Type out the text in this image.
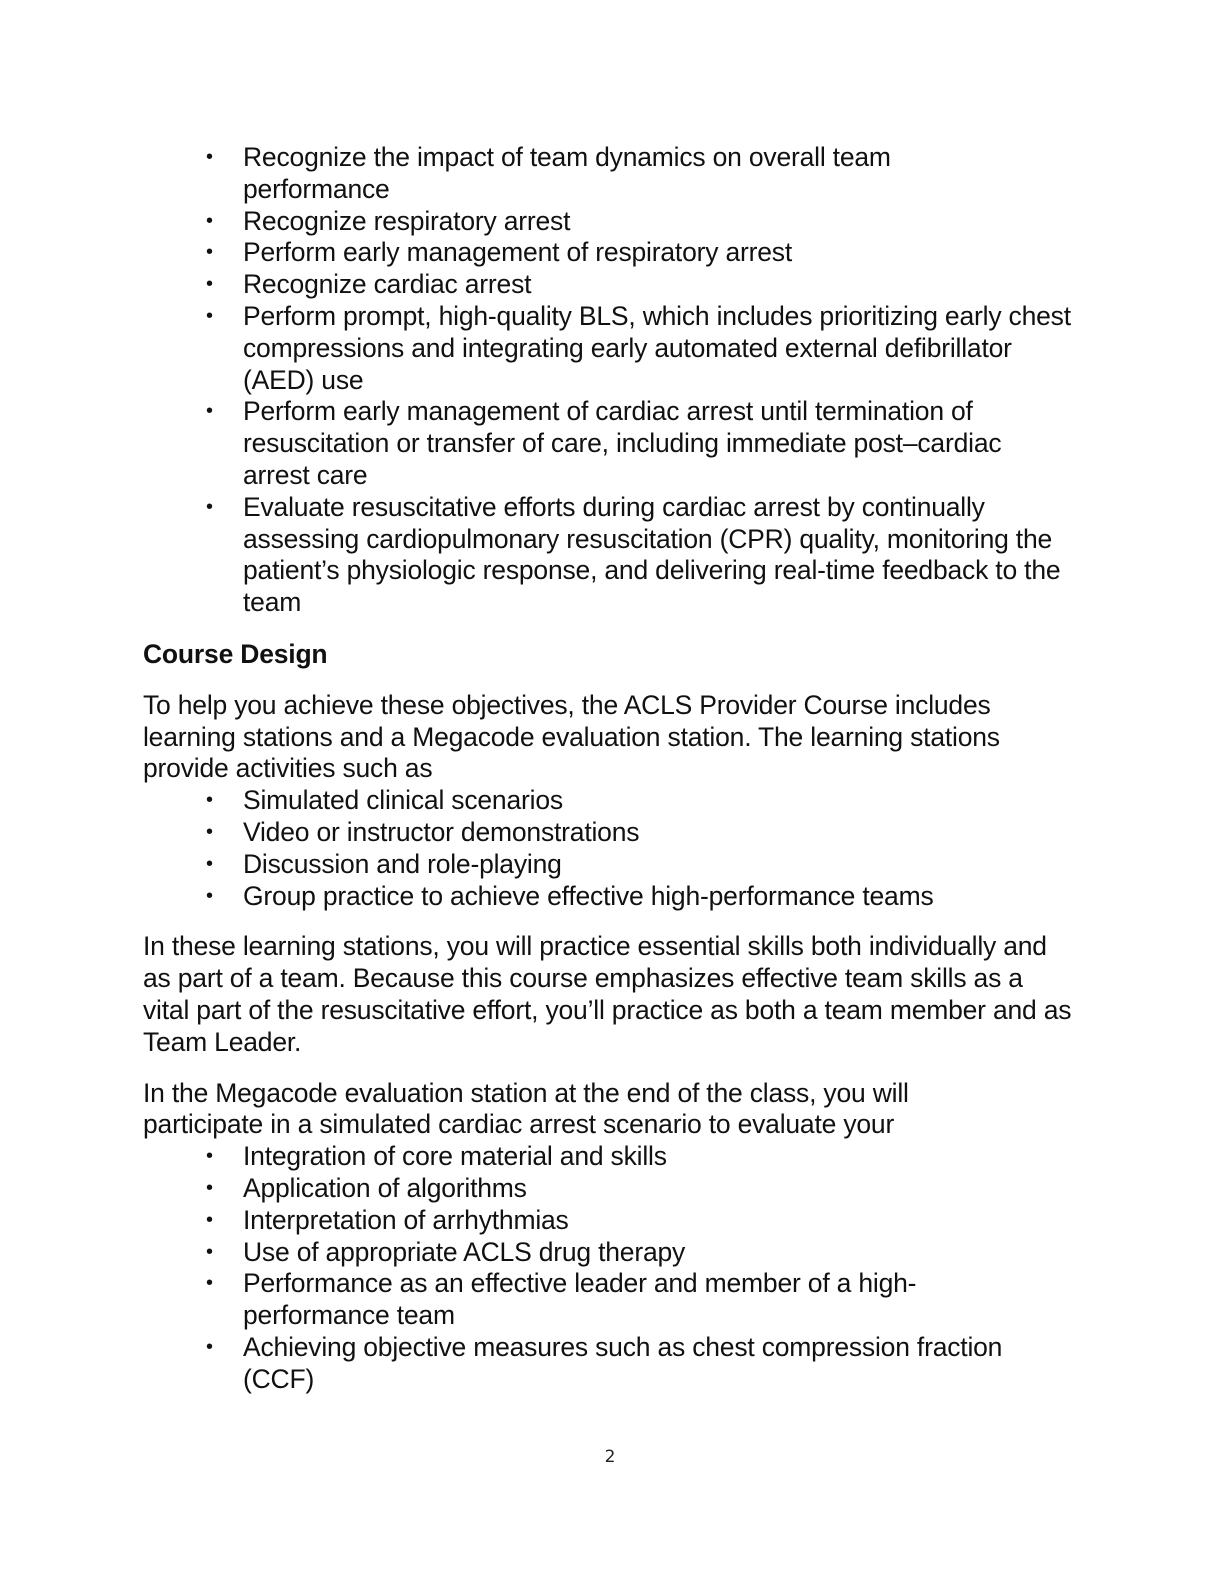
• Recognize the impact of team dynamics on overall team performance
• Recognize respiratory arrest
• Perform early management of respiratory arrest
• Recognize cardiac arrest
• Perform prompt, high-quality BLS, which includes prioritizing early chest compressions and integrating early automated external defibrillator (AED) use
• Perform early management of cardiac arrest until termination of resuscitation or transfer of care, including immediate post–cardiac arrest care
• Evaluate resuscitative efforts during cardiac arrest by continually assessing cardiopulmonary resuscitation (CPR) quality, monitoring the patient’s physiologic response, and delivering real-time feedback to the team
Course Design

To help you achieve these objectives, the ACLS Provider Course includes learning stations and a Megacode evaluation station. The learning stations provide activities such as

• Simulated clinical scenarios
• Video or instructor demonstrations
• Discussion and role-playing
• Group practice to achieve effective high-performance teams

In these learning stations, you will practice essential skills both individually and as part of a team. Because this course emphasizes effective team skills as a vital part of the resuscitative effort, you’ll practice as both a team member and as Team Leader.

In the Megacode evaluation station at the end of the class, you will participate in a simulated cardiac arrest scenario to evaluate your

• Integration of core material and skills
• Application of algorithms
• Interpretation of arrhythmias
• Use of appropriate ACLS drug therapy
• Performance as an effective leader and member of a high-performance team
• Achieving objective measures such as chest compression fraction (CCF)
2
